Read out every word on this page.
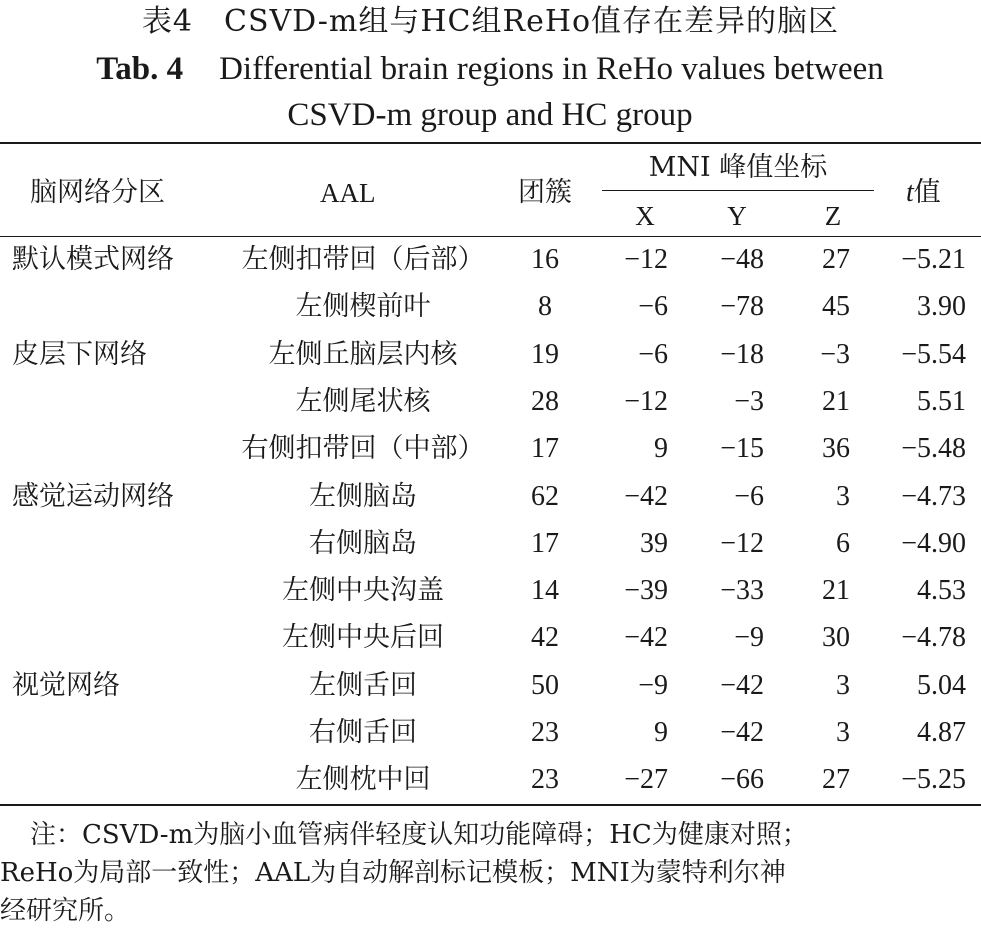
表4　CSVD-m组与HC组ReHo值存在差异的脑区
Tab. 4 Differential brain regions in ReHo values between
CSVD-m group and HC group
脑网络分区	AAL	团簇
MNI 峰值坐标
X	Y	Z
t值
默认模式网络	左侧扣带回（后部）	16	−12	−48	27	−5.21
左侧楔前叶	8	−6	−78	45	3.90
皮层下网络	左侧丘脑层内核	19	−6	−18	−3	−5.54
左侧尾状核	28	−12	−3	21	5.51
右侧扣带回（中部）	17	9	−15	36	−5.48
感觉运动网络	左侧脑岛	62	−42	−6	3	−4.73
右侧脑岛	17	39	−12	6	−4.90
左侧中央沟盖	14	−39	−33	21	4.53
左侧中央后回	42	−42	−9	30	−4.78
视觉网络	左侧舌回	50	−9	−42	3	5.04
右侧舌回	23	9	−42	3	4.87
左侧枕中回	23	−27	−66	27	−5.25
注：CSVD-m为脑小血管病伴轻度认知功能障碍；HC为健康对照；
ReHo为局部一致性；AAL为自动解剖标记模板；MNI为蒙特利尔神
经研究所。
